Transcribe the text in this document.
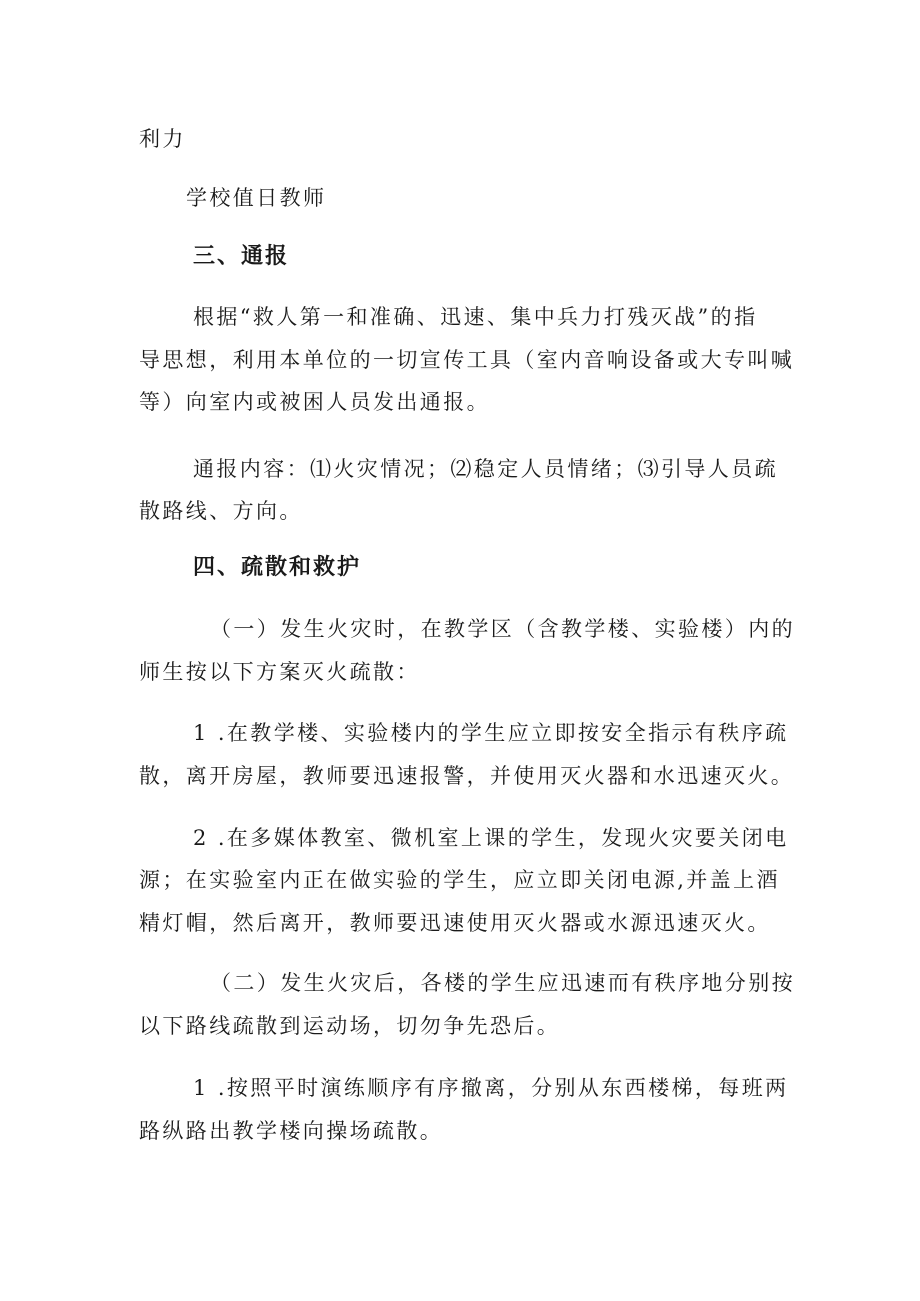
利力
学校值日教师
三、通报
根据“救人第一和准确、迅速、集中兵力打残灭战”的指
导思想，利用本单位的一切宣传工具（室内音响设备或大专叫喊
等）向室内或被困人员发出通报。
通报内容：⑴火灾情况；⑵稳定人员情绪；⑶引导人员疏
散路线、方向。
四、疏散和救护
（一）发生火灾时，在教学区（含教学楼、实验楼）内的
师生按以下方案灭火疏散：
1 .在教学楼、实验楼内的学生应立即按安全指示有秩序疏
散，离开房屋，教师要迅速报警，并使用灭火器和水迅速灭火。
2 .在多媒体教室、微机室上课的学生，发现火灾要关闭电
源；在实验室内正在做实验的学生，应立即关闭电源,并盖上酒
精灯帽，然后离开，教师要迅速使用灭火器或水源迅速灭火。
（二）发生火灾后，各楼的学生应迅速而有秩序地分别按
以下路线疏散到运动场，切勿争先恐后。
1 .按照平时演练顺序有序撤离，分别从东西楼梯，每班两
路纵路出教学楼向操场疏散。
